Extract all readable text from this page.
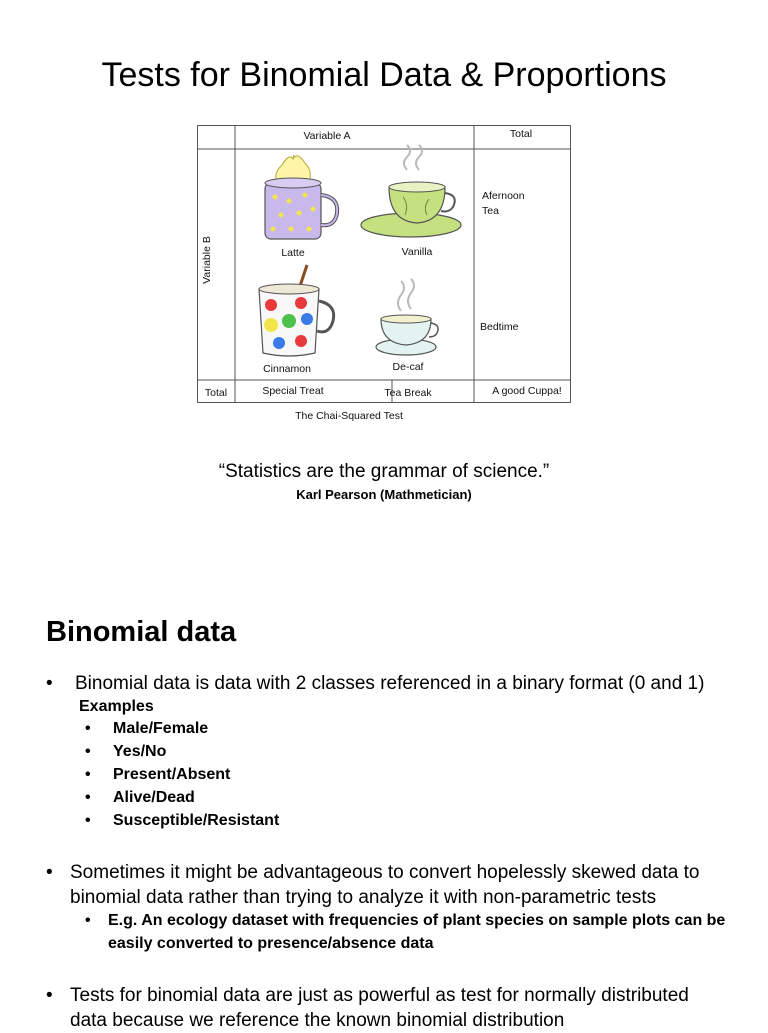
Tests for Binomial Data & Proportions
Variable A	Total
Variable B
Afernoon
Tea
Bedtime
Total	Special Treat	Tea Break	A good Cuppa!
Latte	Vanilla
Cinnamon	De-caf
The Chai-Squared Test
“Statistics are the grammar of science.”
Karl Pearson (Mathmetician)
Binomial data
• Binomial data is data with 2 classes referenced in a binary format (0 and 1)
Examples
• Male/Female
• Yes/No
• Present/Absent
• Alive/Dead
• Susceptible/Resistant
• Sometimes it might be advantageous to convert hopelessly skewed data to binomial data rather than trying to analyze it with non-parametric tests
• E.g. An ecology dataset with frequencies of plant species on sample plots can be easily converted to presence/absence data
• Tests for binomial data are just as powerful as test for normally distributed data because we reference the known binomial distribution
